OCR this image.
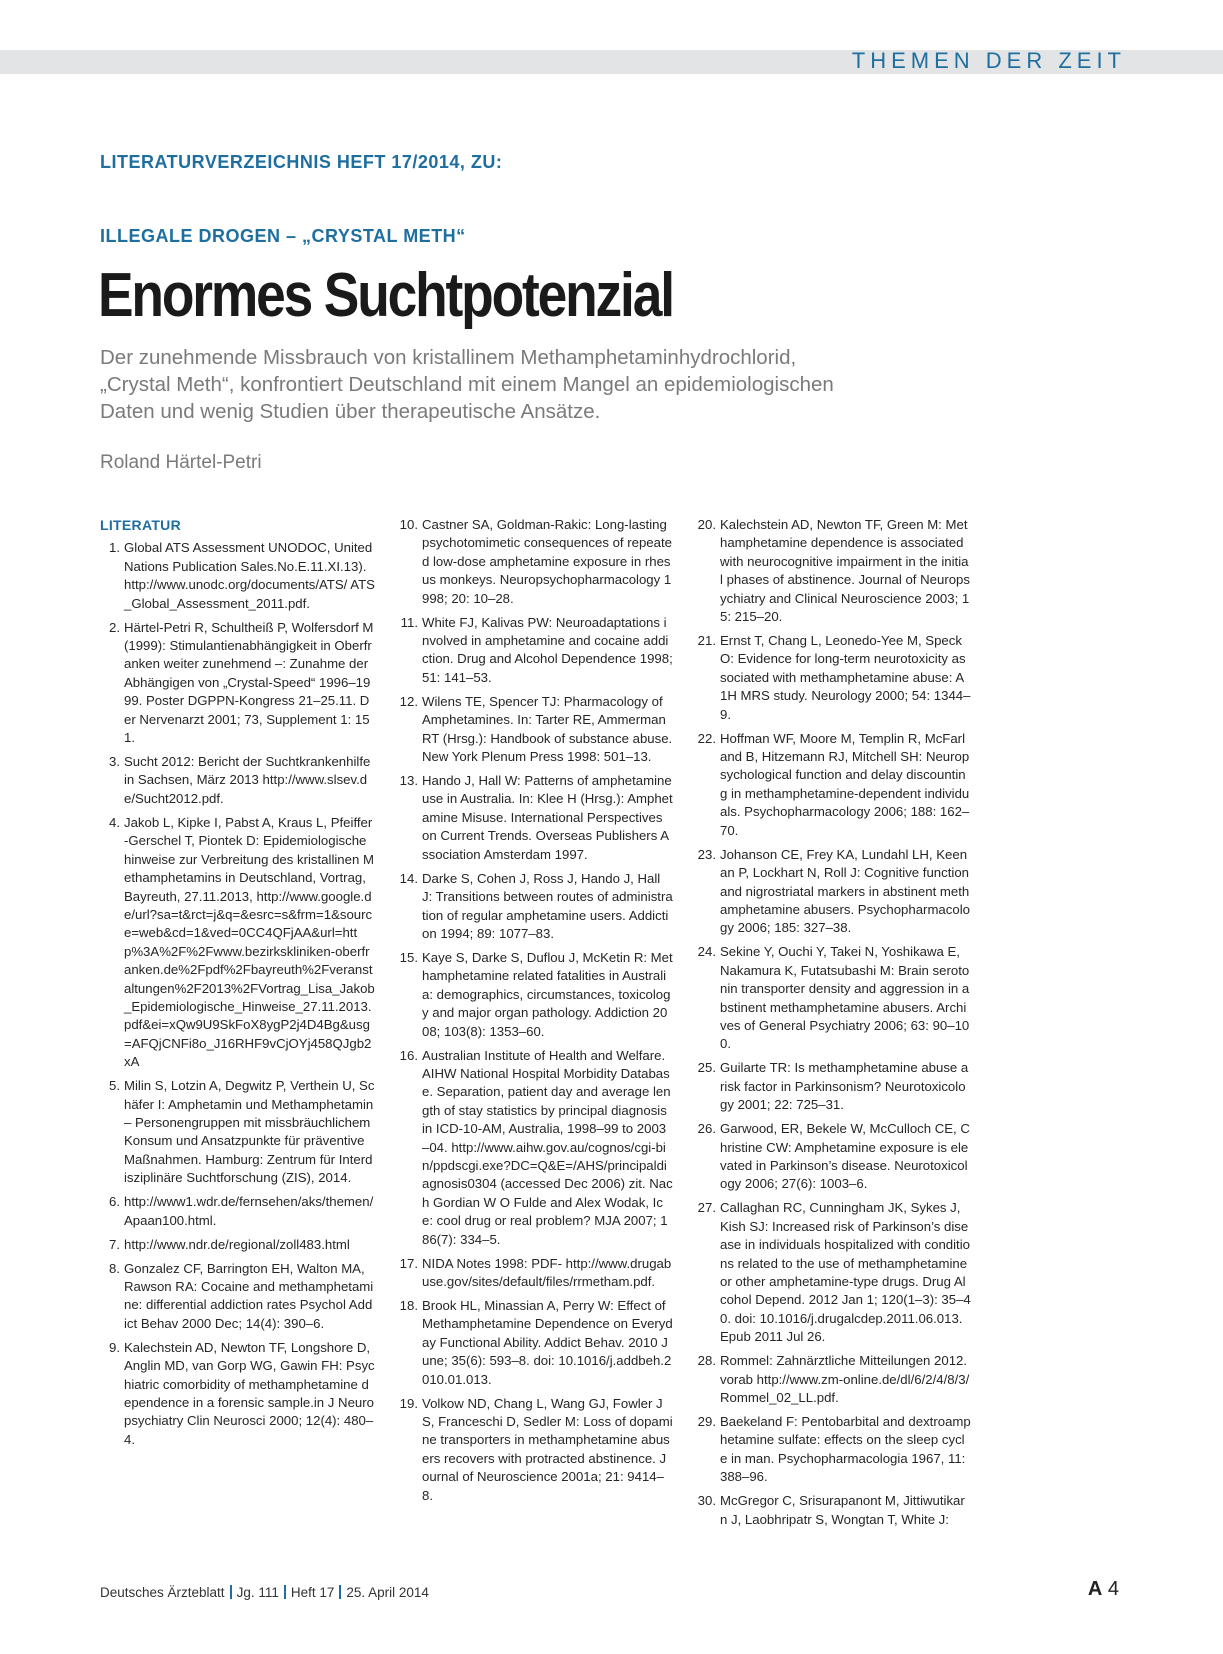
THEMEN DER ZEIT
LITERATURVERZEICHNIS HEFT 17/2014, ZU:
ILLEGALE DROGEN – „CRYSTAL METH“
Enormes Suchtpotenzial
Der zunehmende Missbrauch von kristallinem Methamphetaminhydrochlorid,
„Crystal Meth“, konfrontiert Deutschland mit einem Mangel an epidemiologischen
Daten und wenig Studien über therapeutische Ansätze.
Roland Härtel-Petri
LITERATUR
1. Global ATS Assessment UNODOC, United Nations Publication Sales.No.E.11.XI.13). http://www.unodc.org/documents/ATS/ ATS_Global_Assessment_2011.pdf.
2. Härtel-Petri R, Schultheiß P, Wolfersdorf M (1999): Stimulantienabhängigkeit in Oberfranken weiter zunehmend –: Zunahme der Abhängigen von „Crystal-Speed“ 1996–1999. Poster DGPPN-Kongress 21–25.11. Der Nervenarzt 2001; 73, Supplement 1: 151.
3. Sucht 2012: Bericht der Suchtkrankenhilfe in Sachsen, März 2013 http://www.slsev.de/Sucht2012.pdf.
4. Jakob L, Kipke I, Pabst A, Kraus L, Pfeiffer-Gerschel T, Piontek D: Epidemiologische hinweise zur Verbreitung des kristallinen Methamphetamins in Deutschland, Vortrag, Bayreuth, 27.11.2013, http://www.google.de/url?sa=t&rct=j&q=&esrc=s&frm=1&source=web&cd=1&ved=0CC4QFjAA&url=http%3A%2F%2Fwww.bezirkskliniken-oberfranken.de%2Fpdf%2Fbayreuth%2Fveranstaltungen%2F2013%2FVortrag_Lisa_Jakob_Epidemiologische_Hinweise_27.11.2013.pdf&ei=xQw9U9SkFoX8ygP2j4D4Bg&usg=AFQjCNFi8o_J16RHF9vCjOYj458QJgb2xA
5. Milin S, Lotzin A, Degwitz P, Verthein U, Schäfer I: Amphetamin und Methamphetamin – Personengruppen mit missbräuchlichem Konsum und Ansatzpunkte für präventive Maßnahmen. Hamburg: Zentrum für Interdisziplinäre Suchtforschung (ZIS), 2014.
6. http://www1.wdr.de/fernsehen/aks/themen/Apaan100.html.
7. http://www.ndr.de/regional/zoll483.html
8. Gonzalez CF, Barrington EH, Walton MA, Rawson RA: Cocaine and methamphetamine: differential addiction rates Psychol Addict Behav 2000 Dec; 14(4): 390–6.
9. Kalechstein AD, Newton TF, Longshore D, Anglin MD, van Gorp WG, Gawin FH: Psychiatric comorbidity of methamphetamine dependence in a forensic sample.in J Neuropsychiatry Clin Neurosci 2000; 12(4): 480–4.
10. Castner SA, Goldman-Rakic: Long-lasting psychotomimetic consequences of repeated low-dose amphetamine exposure in rhesus monkeys. Neuropsychopharmacology 1998; 20: 10–28.
11. White FJ, Kalivas PW: Neuroadaptations involved in amphetamine and cocaine addiction. Drug and Alcohol Dependence 1998; 51: 141–53.
12. Wilens TE, Spencer TJ: Pharmacology of Amphetamines. In: Tarter RE, Ammerman RT (Hrsg.): Handbook of substance abuse. New York Plenum Press 1998: 501–13.
13. Hando J, Hall W: Patterns of amphetamine use in Australia. In: Klee H (Hrsg.): Amphetamine Misuse. International Perspectives on Current Trends. Overseas Publishers Association Amsterdam 1997.
14. Darke S, Cohen J, Ross J, Hando J, Hall J: Transitions between routes of administration of regular amphetamine users. Addiction 1994; 89: 1077–83.
15. Kaye S, Darke S, Duflou J, McKetin R: Methamphetamine related fatalities in Australia: demographics, circumstances, toxicology and major organ pathology. Addiction 2008; 103(8): 1353–60.
16. Australian Institute of Health and Welfare. AIHW National Hospital Morbidity Database. Separation, patient day and average length of stay statistics by principal diagnosis in ICD-10-AM, Australia, 1998–99 to 2003–04. http://www.aihw.gov.au/cognos/cgi-bin/ppdscgi.exe?DC=Q&E=/AHS/principaldiagnosis0304 (accessed Dec 2006) zit. Nach Gordian W O Fulde and Alex Wodak, Ice: cool drug or real problem? MJA 2007; 186(7): 334–5.
17. NIDA Notes 1998: PDF- http://www.drugabuse.gov/sites/default/files/rrmetham.pdf.
18. Brook HL, Minassian A, Perry W: Effect of Methamphetamine Dependence on Everyday Functional Ability. Addict Behav. 2010 June; 35(6): 593–8. doi: 10.1016/j.addbeh.2010.01.013.
19. Volkow ND, Chang L, Wang GJ, Fowler JS, Franceschi D, Sedler M: Loss of dopamine transporters in methamphetamine abusers recovers with protracted abstinence. Journal of Neuroscience 2001a; 21: 9414–8.
20. Kalechstein AD, Newton TF, Green M: Methamphetamine dependence is associated with neurocognitive impairment in the initial phases of abstinence. Journal of Neuropsychiatry and Clinical Neuroscience 2003; 15: 215–20.
21. Ernst T, Chang L, Leonedo-Yee M, Speck O: Evidence for long-term neurotoxicity associated with methamphetamine abuse: A 1H MRS study. Neurology 2000; 54: 1344–9.
22. Hoffman WF, Moore M, Templin R, McFarland B, Hitzemann RJ, Mitchell SH: Neuropsychological function and delay discounting in methamphetamine-dependent individuals. Psychopharmacology 2006; 188: 162–70.
23. Johanson CE, Frey KA, Lundahl LH, Keenan P, Lockhart N, Roll J: Cognitive function and nigrostriatal markers in abstinent methamphetamine abusers. Psychopharmacology 2006; 185: 327–38.
24. Sekine Y, Ouchi Y, Takei N, Yoshikawa E, Nakamura K, Futatsubashi M: Brain serotonin transporter density and aggression in abstinent methamphetamine abusers. Archives of General Psychiatry 2006; 63: 90–100.
25. Guilarte TR: Is methamphetamine abuse a risk factor in Parkinsonism? Neurotoxicology 2001; 22: 725–31.
26. Garwood, ER, Bekele W, McCulloch CE, Christine CW: Amphetamine exposure is elevated in Parkinson’s disease. Neurotoxicology 2006; 27(6): 1003–6.
27. Callaghan RC, Cunningham JK, Sykes J, Kish SJ: Increased risk of Parkinson’s disease in individuals hospitalized with conditions related to the use of methamphetamine or other amphetamine-type drugs. Drug Alcohol Depend. 2012 Jan 1; 120(1–3): 35–40. doi: 10.1016/j.drugalcdep.2011.06.013. Epub 2011 Jul 26.
28. Rommel: Zahnärztliche Mitteilungen 2012. vorab http://www.zm-online.de/dl/6/2/4/8/3/Rommel_02_LL.pdf.
29. Baekeland F: Pentobarbital and dextroamphetamine sulfate: effects on the sleep cycle in man. Psychopharmacologia 1967, 11: 388–96.
30. McGregor C, Srisurapanont M, Jittiwutikarn J, Laobhripatr S, Wongtan T, White J:
Deutsches Ärzteblatt Jg. 111 Heft 17 25. April 2014	A 4
